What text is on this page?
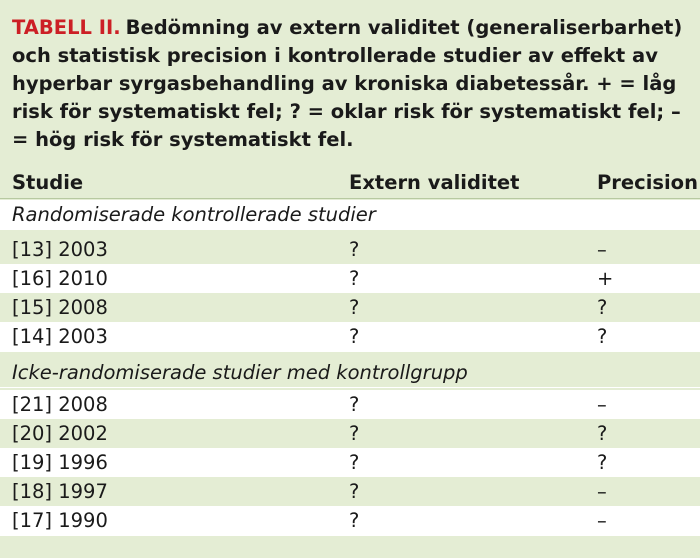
TABELL II. Bedömning av extern validitet (generaliserbarhet) och statistisk precision i kontrollerade studier av effekt av hyperbar syrgasbehandling av kroniska diabetessår. + = låg risk för systematiskt fel; ? = oklar risk för systematiskt fel; – = hög risk för systematiskt fel.
Studie	Extern validitet	Precision
Randomiserade kontrollerade studier
[13] 2003	?	–
[16] 2010	?	+
[15] 2008	?	?
[14] 2003	?	?
Icke-randomiserade studier med kontrollgrupp
[21] 2008	?	–
[20] 2002	?	?
[19] 1996	?	?
[18] 1997	?	–
[17] 1990	?	–
